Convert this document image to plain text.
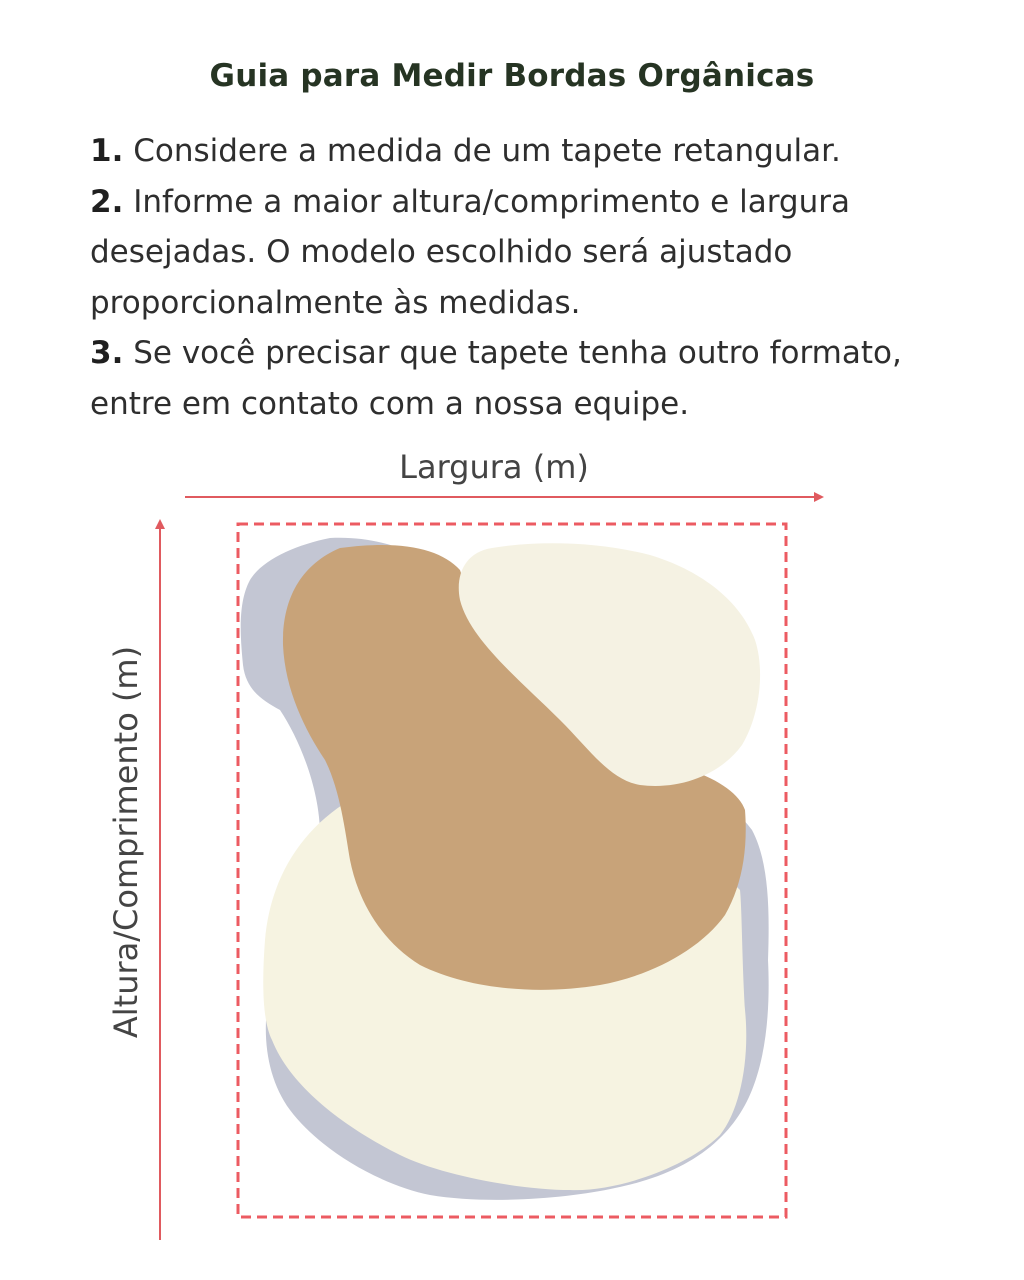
Guia para Medir Bordas Orgânicas
1. Considere a medida de um tapete retangular.
2. Informe a maior altura/comprimento e largura desejadas. O modelo escolhido será ajustado proporcionalmente às medidas.
3. Se você precisar que tapete tenha outro formato, entre em contato com a nossa equipe.
Largura (m)
Altura/Comprimento (m)
